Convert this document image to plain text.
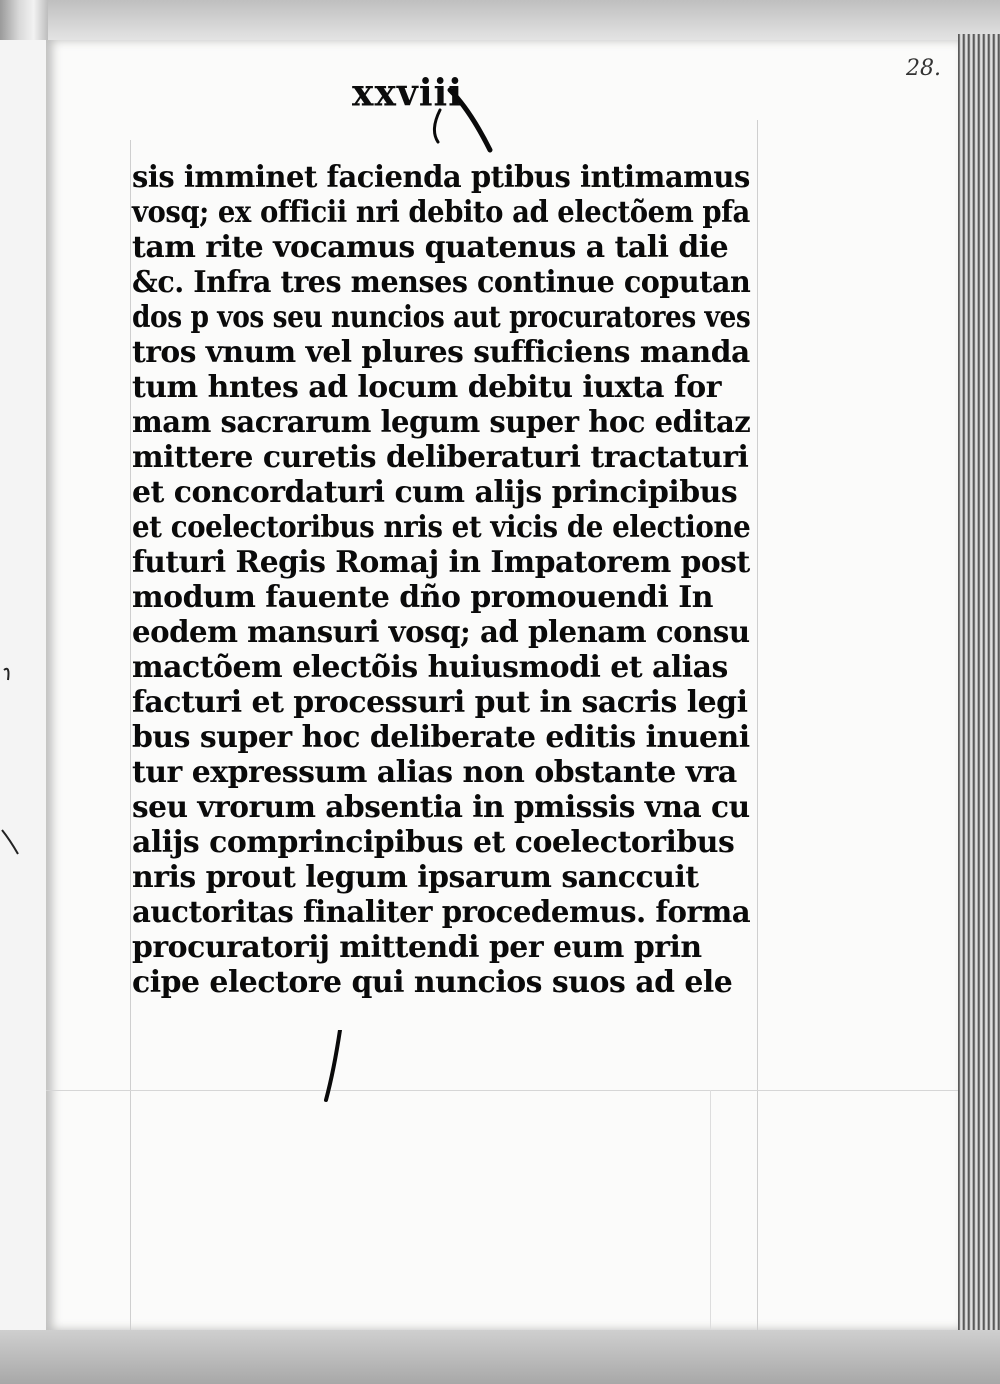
28.
xxviii
sis imminet facienda ptibus intimamus
vosq; ex officii nri debito ad electõem pfa
tam rite vocamus quatenus a tali die
&c. Infra tres menses continue coputan
dos p vos seu nuncios aut procuratores ves
tros vnum vel plures sufficiens manda
tum hntes ad locum debitu iuxta for
mam sacrarum legum super hoc editaz
mittere curetis deliberaturi tractaturi
et concordaturi cum alijs principibus
et coelectoribus nris et vicis de electione
futuri Regis Romaj in Impatorem post
modum fauente dño promouendi In
eodem mansuri vosq; ad plenam consu
mactõem electõis huiusmodi et alias
facturi et processuri put in sacris legi
bus super hoc deliberate editis inueni
tur expressum alias non obstante vra
seu vrorum absentia in pmissis vna cu
alijs comprincipibus et coelectoribus
nris prout legum ipsarum sanccuit
auctoritas finaliter procedemus. forma
procuratorij mittendi per eum prin
cipe electore qui nuncios suos ad ele
